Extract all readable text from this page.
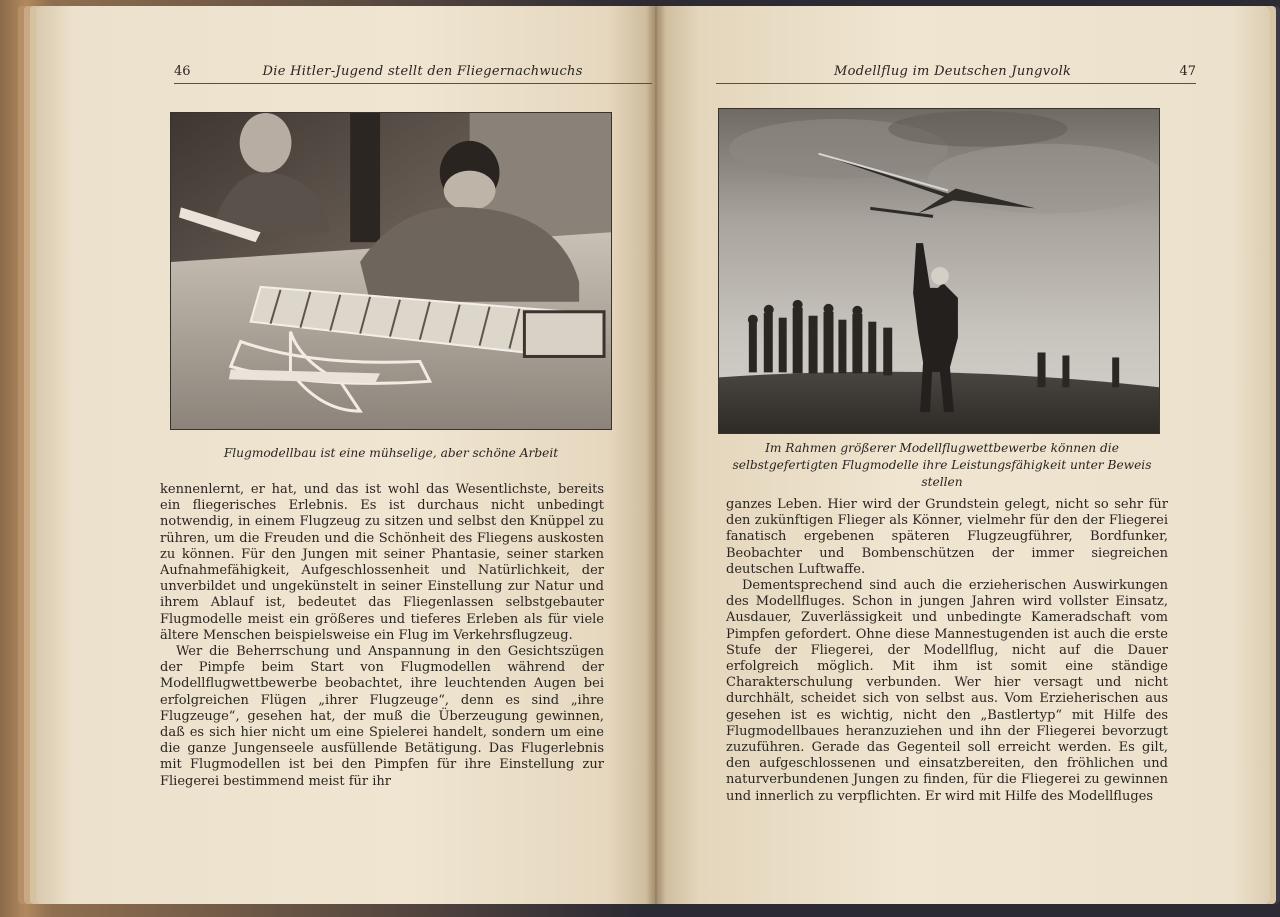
46	Die Hitler-Jugend stellt den Fliegernachwuchs
Flugmodellbau ist eine mühselige, aber schöne Arbeit

kennenlernt, er hat, und das ist wohl das Wesentlichste, bereits ein fliegerisches Erlebnis. Es ist durchaus nicht unbedingt notwendig, in einem Flugzeug zu sitzen und selbst den Knüppel zu rühren, um die Freuden und die Schönheit des Fliegens auskosten zu können. Für den Jungen mit seiner Phantasie, seiner starken Aufnahmefähigkeit, Aufgeschlossenheit und Natürlichkeit, der unverbildet und ungekünstelt in seiner Einstellung zur Natur und ihrem Ablauf ist, bedeutet das Fliegenlassen selbstgebauter Flugmodelle meist ein größeres und tieferes Erleben als für viele ältere Menschen beispielsweise ein Flug im Verkehrsflugzeug.

Wer die Beherrschung und Anspannung in den Gesichtszügen der Pimpfe beim Start von Flugmodellen während der Modellflugwettbewerbe beobachtet, ihre leuchtenden Augen bei erfolgreichen Flügen „ihrer Flugzeuge“, denn es sind „ihre Flugzeuge“, gesehen hat, der muß die Überzeugung gewinnen, daß es sich hier nicht um eine Spielerei handelt, sondern um eine die ganze Jungenseele ausfüllende Betätigung. Das Flugerlebnis mit Flugmodellen ist bei den Pimpfen für ihre Einstellung zur Fliegerei bestimmend meist für ihr

Modellflug im Deutschen Jungvolk	47
Im Rahmen größerer Modellflugwettbewerbe können die selbstgefertigten Flugmodelle ihre Leistungsfähigkeit unter Beweis stellen

ganzes Leben. Hier wird der Grundstein gelegt, nicht so sehr für den zukünftigen Flieger als Könner, vielmehr für den der Fliegerei fanatisch ergebenen späteren Flugzeugführer, Bordfunker, Beobachter und Bombenschützen der immer siegreichen deutschen Luftwaffe.

Dementsprechend sind auch die erzieherischen Auswirkungen des Modellfluges. Schon in jungen Jahren wird vollster Einsatz, Ausdauer, Zuverlässigkeit und unbedingte Kameradschaft vom Pimpfen gefordert. Ohne diese Mannestugenden ist auch die erste Stufe der Fliegerei, der Modellflug, nicht auf die Dauer erfolgreich möglich. Mit ihm ist somit eine ständige Charakterschulung verbunden. Wer hier versagt und nicht durchhält, scheidet sich von selbst aus. Vom Erzieherischen aus gesehen ist es wichtig, nicht den „Bastlertyp“ mit Hilfe des Flugmodellbaues heranzuziehen und ihn der Fliegerei bevorzugt zuzuführen. Gerade das Gegenteil soll erreicht werden. Es gilt, den aufgeschlossenen und einsatzbereiten, den fröhlichen und naturverbundenen Jungen zu finden, für die Fliegerei zu gewinnen und innerlich zu verpflichten. Er wird mit Hilfe des Modellfluges
